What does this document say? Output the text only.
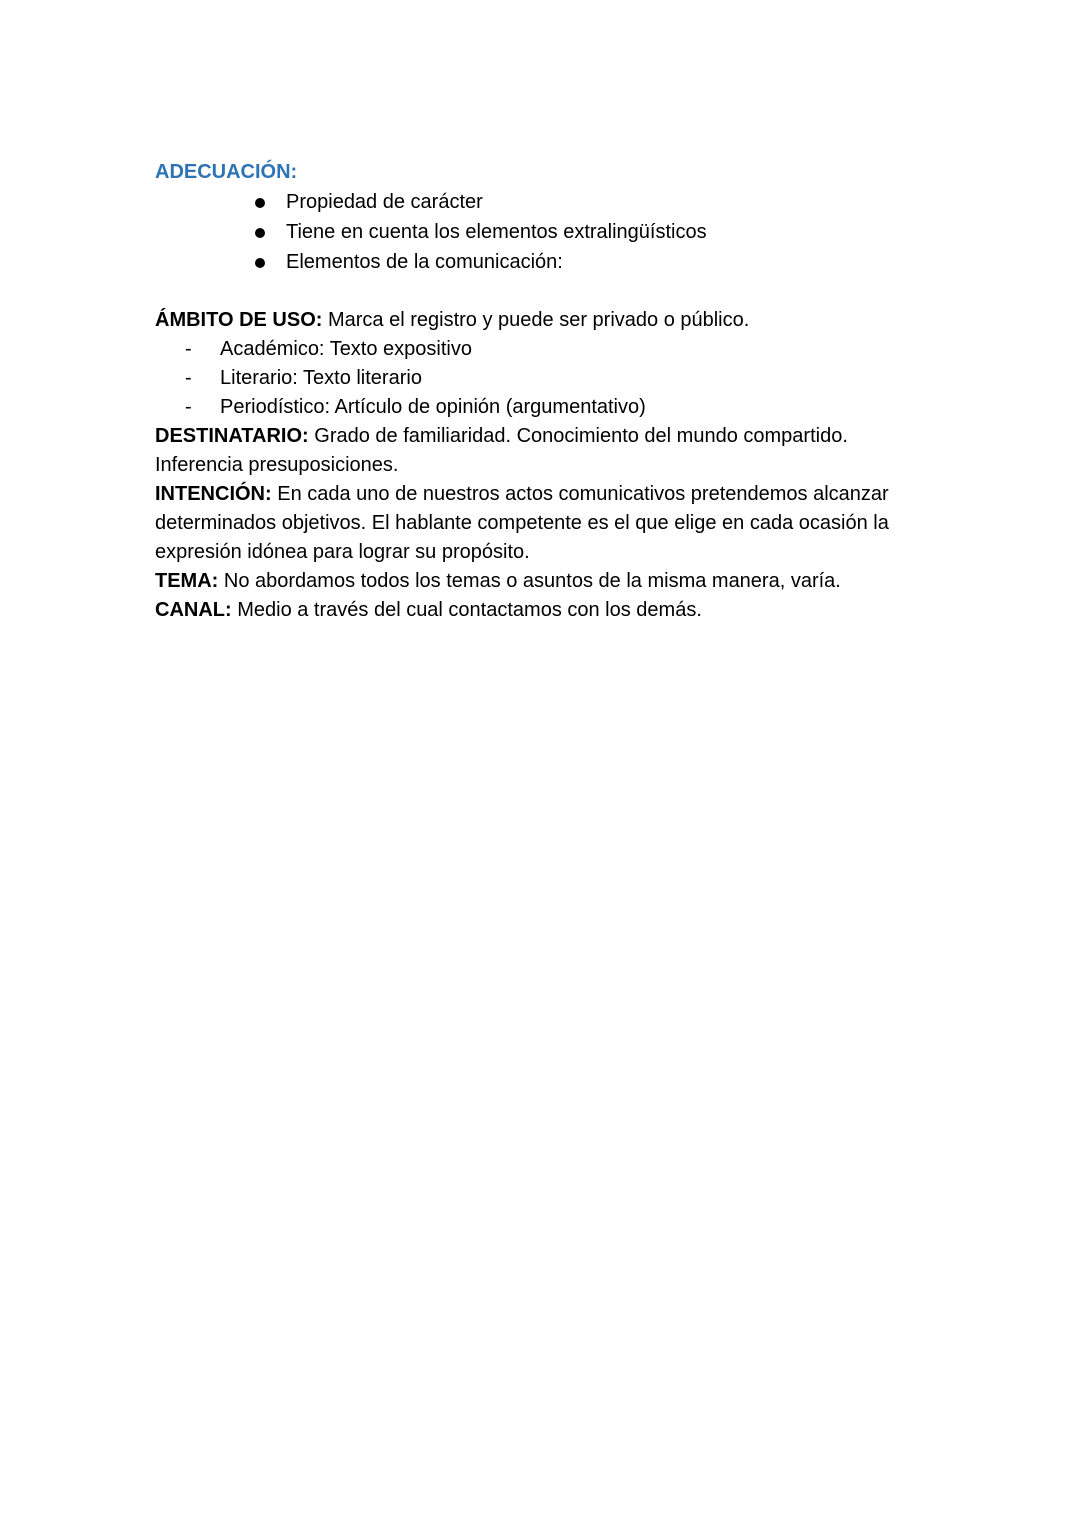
ADECUACIÓN:

Propiedad de carácter
Tiene en cuenta los elementos extralingüísticos
Elementos de la comunicación:

ÁMBITO DE USO: Marca el registro y puede ser privado o público.

- Académico: Texto expositivo
- Literario: Texto literario
- Periodístico: Artículo de opinión (argumentativo)

DESTINATARIO: Grado de familiaridad. Conocimiento del mundo compartido. Inferencia presuposiciones.

INTENCIÓN: En cada uno de nuestros actos comunicativos pretendemos alcanzar determinados objetivos. El hablante competente es el que elige en cada ocasión la expresión idónea para lograr su propósito.

TEMA: No abordamos todos los temas o asuntos de la misma manera, varía.

CANAL: Medio a través del cual contactamos con los demás.
